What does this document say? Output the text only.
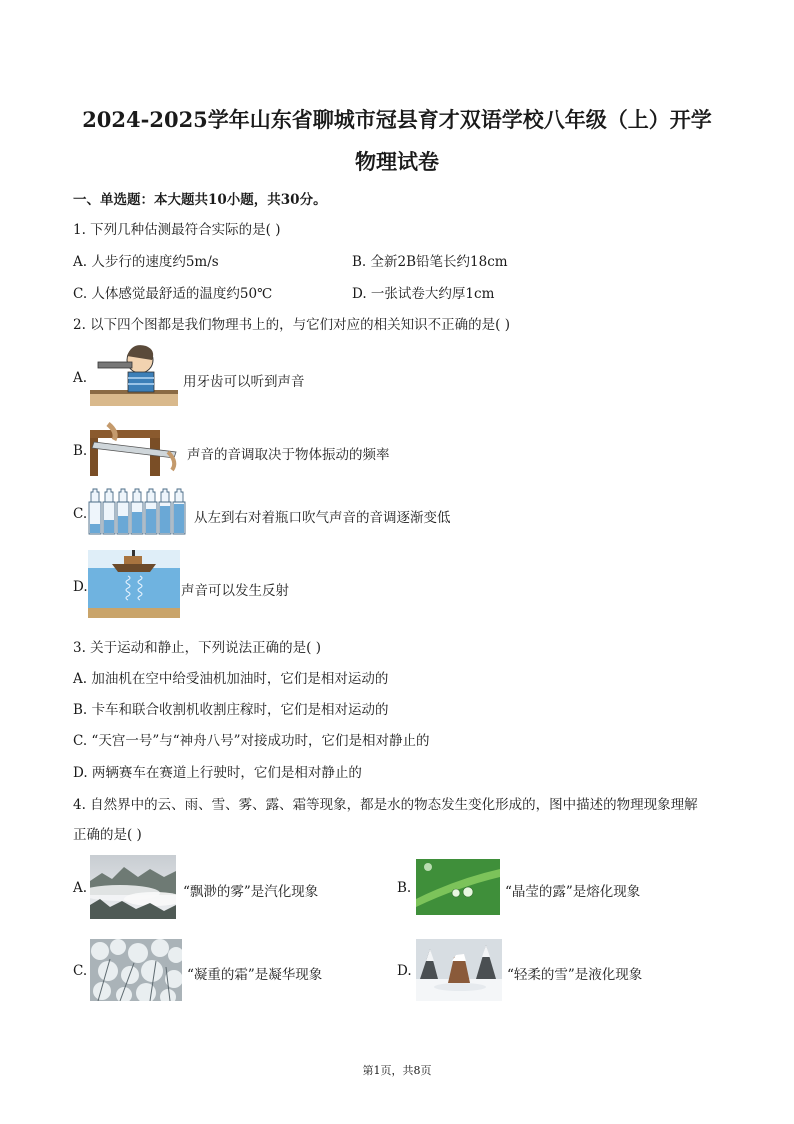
2024-2025学年山东省聊城市冠县育才双语学校八年级（上）开学
物理试卷
一、单选题：本大题共10小题，共30分。
1. 下列几种估测最符合实际的是( )
A. 人步行的速度约5m/s	B. 全新2B铅笔长约18cm
C. 人体感觉最舒适的温度约50℃	D. 一张试卷大约厚1cm
2. 以下四个图都是我们物理书上的，与它们对应的相关知识不正确的是( )
A.	用牙齿可以听到声音
B.	声音的音调取决于物体振动的频率
C.	从左到右对着瓶口吹气声音的音调逐渐变低
D.	声音可以发生反射
3. 关于运动和静止，下列说法正确的是( )
A. 加油机在空中给受油机加油时，它们是相对运动的
B. 卡车和联合收割机收割庄稼时，它们是相对运动的
C. “天宫一号”与“神舟八号”对接成功时，它们是相对静止的
D. 两辆赛车在赛道上行驶时，它们是相对静止的
4. 自然界中的云、雨、雪、雾、露、霜等现象，都是水的物态发生变化形成的，图中描述的物理现象理解
正确的是( )
A.	“飘渺的雾”是汽化现象	B.	“晶莹的露”是熔化现象
C.	“凝重的霜”是凝华现象	D.	“轻柔的雪”是液化现象
第1页，共8页
